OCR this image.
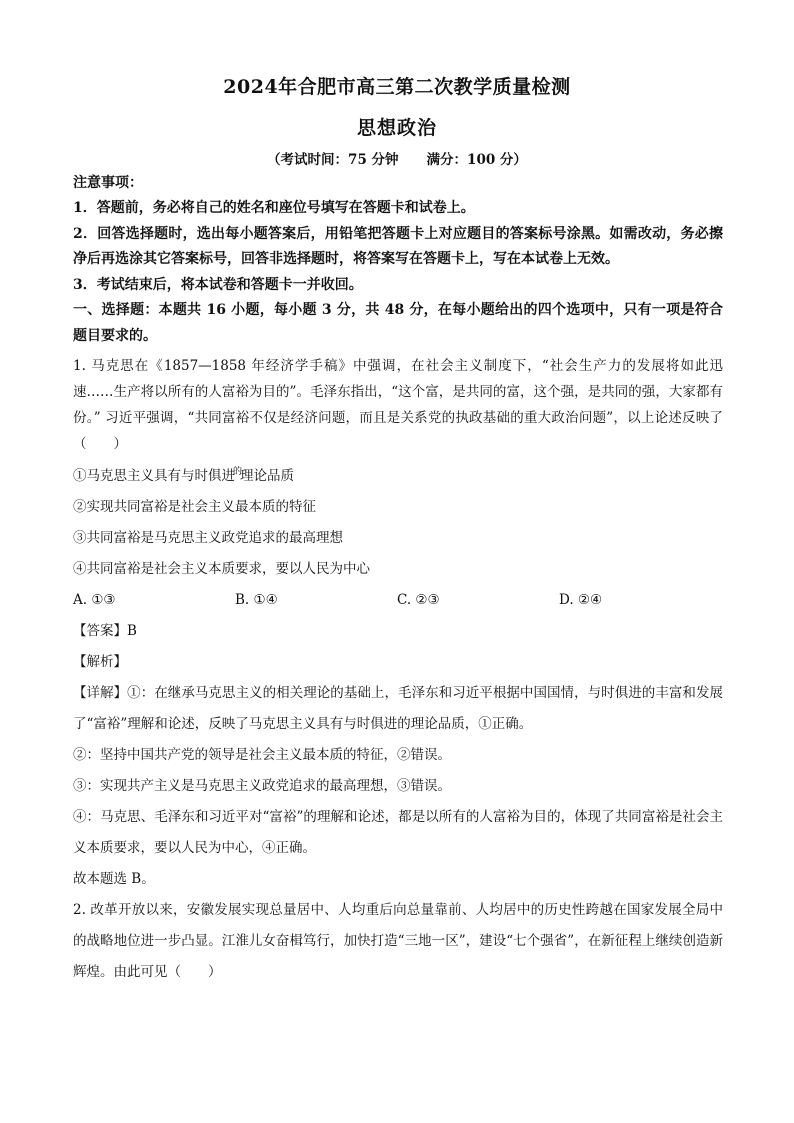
2024年合肥市高三第二次教学质量检测
思想政治
（考试时间：75 分钟 满分：100 分）

注意事项：

1．答题前，务必将自己的姓名和座位号填写在答题卡和试卷上。

2．回答选择题时，选出每小题答案后，用铅笔把答题卡上对应题目的答案标号涂黑。如需改动，务必擦净后再选涂其它答案标号，回答非选择题时，将答案写在答题卡上，写在本试卷上无效。

3．考试结束后，将本试卷和答题卡一并收回。

一、选择题：本题共 16 小题，每小题 3 分，共 48 分，在每小题给出的四个选项中，只有一项是符合题目要求的。

1. 马克思在《1857—1858 年经济学手稿》中强调，在社会主义制度下，“社会生产力的发展将如此迅速……生产将以所有的人富裕为目的”。毛泽东指出，“这个富，是共同的富，这个强，是共同的强，大家都有份。” 习近平强调，“共同富裕不仅是经济问题，而且是关系党的执政基础的重大政治问题”，以上论述反映了（　　）

①马克思主义具有与时俱进的理论品质

②实现共同富裕是社会主义最本质的特征

③共同富裕是马克思主义政党追求的最高理想

④共同富裕是社会主义本质要求，要以人民为中心

A. ①③	B. ①④	C. ②③	D. ②④

【答案】B

【解析】

【详解】①：在继承马克思主义的相关理论的基础上，毛泽东和习近平根据中国国情，与时俱进的丰富和发展了“富裕”理解和论述，反映了马克思主义具有与时俱进的理论品质，①正确。

②：坚持中国共产党的领导是社会主义最本质的特征，②错误。

③：实现共产主义是马克思主义政党追求的最高理想，③错误。

④：马克思、毛泽东和习近平对“富裕”的理解和论述，都是以所有的人富裕为目的，体现了共同富裕是社会主义本质要求，要以人民为中心，④正确。

故本题选 B。

2. 改革开放以来，安徽发展实现总量居中、人均重后向总量靠前、人均居中的历史性跨越在国家发展全局中的战略地位进一步凸显。江淮儿女奋楫笃行，加快打造“三地一区”，建设“七个强省”，在新征程上继续创造新辉煌。由此可见（　　）
